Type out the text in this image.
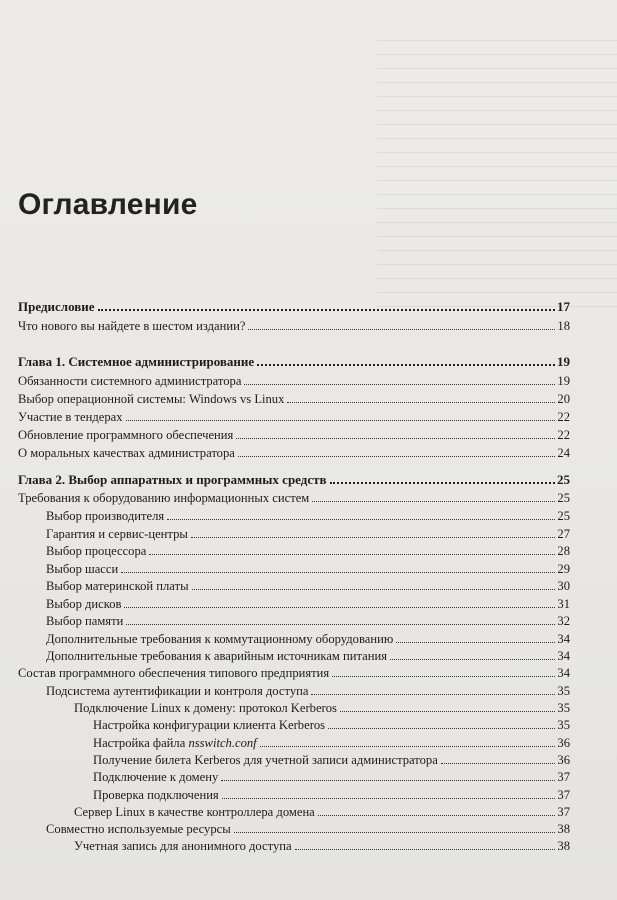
Оглавление
Предисловие	17
Что нового вы найдете в шестом издании?	18
Глава 1. Системное администрирование	19
Обязанности системного администратора	19
Выбор операционной системы: Windows vs Linux	20
Участие в тендерах	22
Обновление программного обеспечения	22
О моральных качествах администратора	24
Глава 2. Выбор аппаратных и программных средств	25
Требования к оборудованию информационных систем	25
Выбор производителя	25
Гарантия и сервис-центры	27
Выбор процессора	28
Выбор шасси	29
Выбор материнской платы	30
Выбор дисков	31
Выбор памяти	32
Дополнительные требования к коммутационному оборудованию	34
Дополнительные требования к аварийным источникам питания	34
Состав программного обеспечения типового предприятия	34
Подсистема аутентификации и контроля доступа	35
Подключение Linux к домену: протокол Kerberos	35
Настройка конфигурации клиента Kerberos	35
Настройка файла nsswitch.conf	36
Получение билета Kerberos для учетной записи администратора	36
Подключение к домену	37
Проверка подключения	37
Сервер Linux в качестве контроллера домена	37
Совместно используемые ресурсы	38
Учетная запись для анонимного доступа	38
